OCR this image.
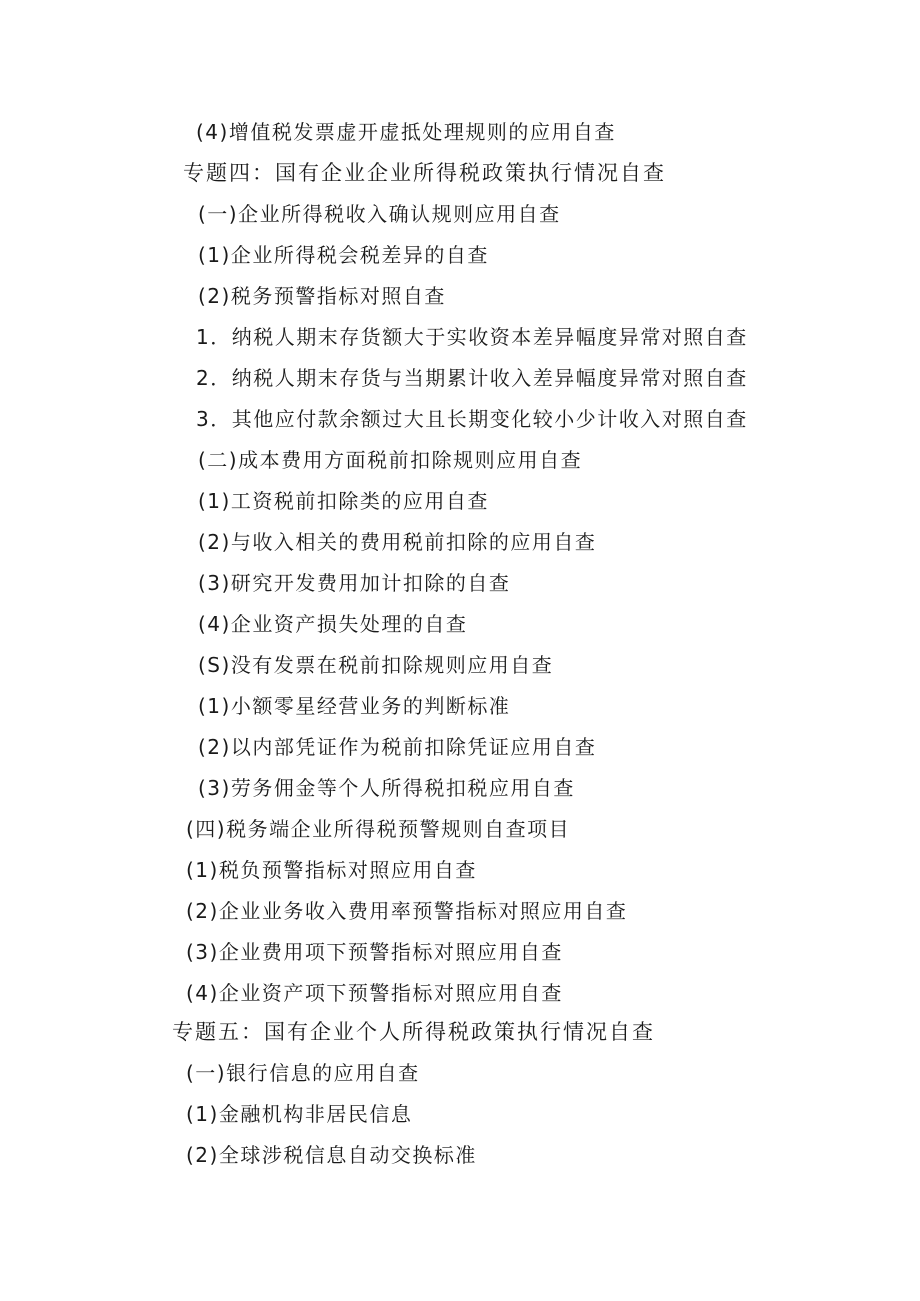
(4)增值税发票虚开虚抵处理规则的应用自查
专题四：国有企业企业所得税政策执行情况自查
(一)企业所得税收入确认规则应用自查
(1)企业所得税会税差异的自查
(2)税务预警指标对照自查
1．纳税人期末存货额大于实收资本差异幅度异常对照自查
2．纳税人期末存货与当期累计收入差异幅度异常对照自查
3．其他应付款余额过大且长期变化较小少计收入对照自查
(二)成本费用方面税前扣除规则应用自查
(1)工资税前扣除类的应用自查
(2)与收入相关的费用税前扣除的应用自查
(3)研究开发费用加计扣除的自查
(4)企业资产损失处理的自查
(S)没有发票在税前扣除规则应用自查
(1)小额零星经营业务的判断标准
(2)以内部凭证作为税前扣除凭证应用自查
(3)劳务佣金等个人所得税扣税应用自查
(四)税务端企业所得税预警规则自查项目
(1)税负预警指标对照应用自查
(2)企业业务收入费用率预警指标对照应用自查
(3)企业费用项下预警指标对照应用自查
(4)企业资产项下预警指标对照应用自查
专题五：国有企业个人所得税政策执行情况自查
(一)银行信息的应用自查
(1)金融机构非居民信息
(2)全球涉税信息自动交换标准
